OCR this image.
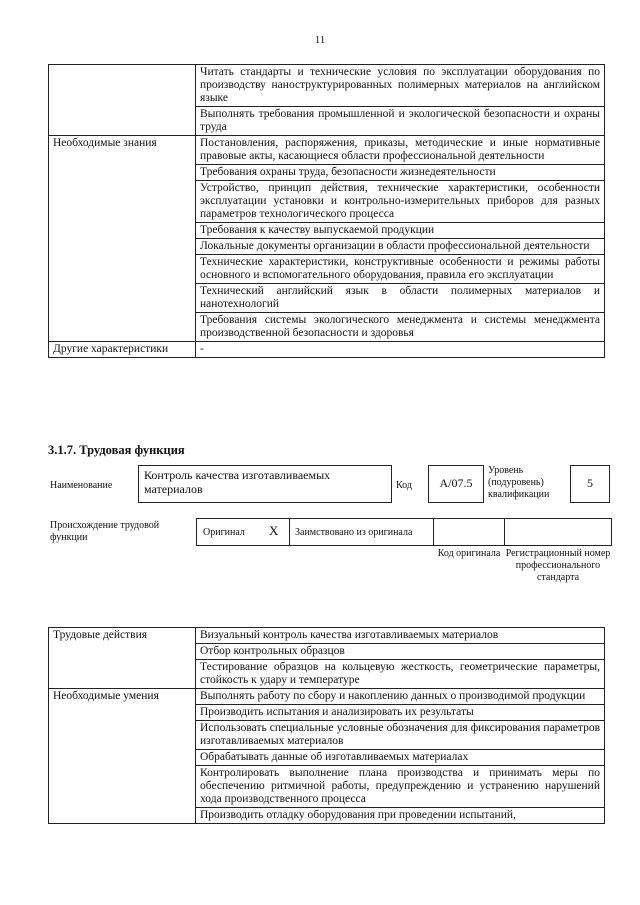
11
	Читать стандарты и технические условия по эксплуатации оборудования по производству наноструктурированных полимерных материалов на английском языке
	Выполнять требования промышленной и экологической безопасности и охраны труда
Необходимые знания	Постановления, распоряжения, приказы, методические и иные нормативные правовые акты, касающиеся области профессиональной деятельности
	Требования охраны труда, безопасности жизнедеятельности
	Устройство, принцип действия, технические характеристики, особенности эксплуатации установки и контрольно-измерительных приборов для разных параметров технологического процесса
	Требования к качеству выпускаемой продукции
	Локальные документы организации в области профессиональной деятельности
	Технические характеристики, конструктивные особенности и режимы работы основного и вспомогательного оборудования, правила его эксплуатации
	Технический английский язык в области полимерных материалов и нанотехнологий
	Требования системы экологического менеджмента и системы менеджмента производственной безопасности и здоровья
Другие характеристики	-
3.1.7. Трудовая функция
Наименование
Контроль качества изготавливаемых материалов	Код	A/07.5
Уровень (подуровень) квалификации
5
Происхождение трудовой функции	Оригинал X Заимствовано из оригинала
Код оригинала Регистрационный номер профессионального стандарта
Трудовые действия	Визуальный контроль качества изготавливаемых материалов
	Отбор контрольных образцов
	Тестирование образцов на кольцевую жесткость, геометрические параметры, стойкость к удару и температуре
Необходимые умения	Выполнять работу по сбору и накоплению данных о производимой продукции
	Производить испытания и анализировать их результаты
	Использовать специальные условные обозначения для фиксирования параметров изготавливаемых материалов
	Обрабатывать данные об изготавливаемых материалах
	Контролировать выполнение плана производства и принимать меры по обеспечению ритмичной работы, предупреждению и устранению нарушений хода производственного процесса
	Производить отладку оборудования при проведении испытаний,
